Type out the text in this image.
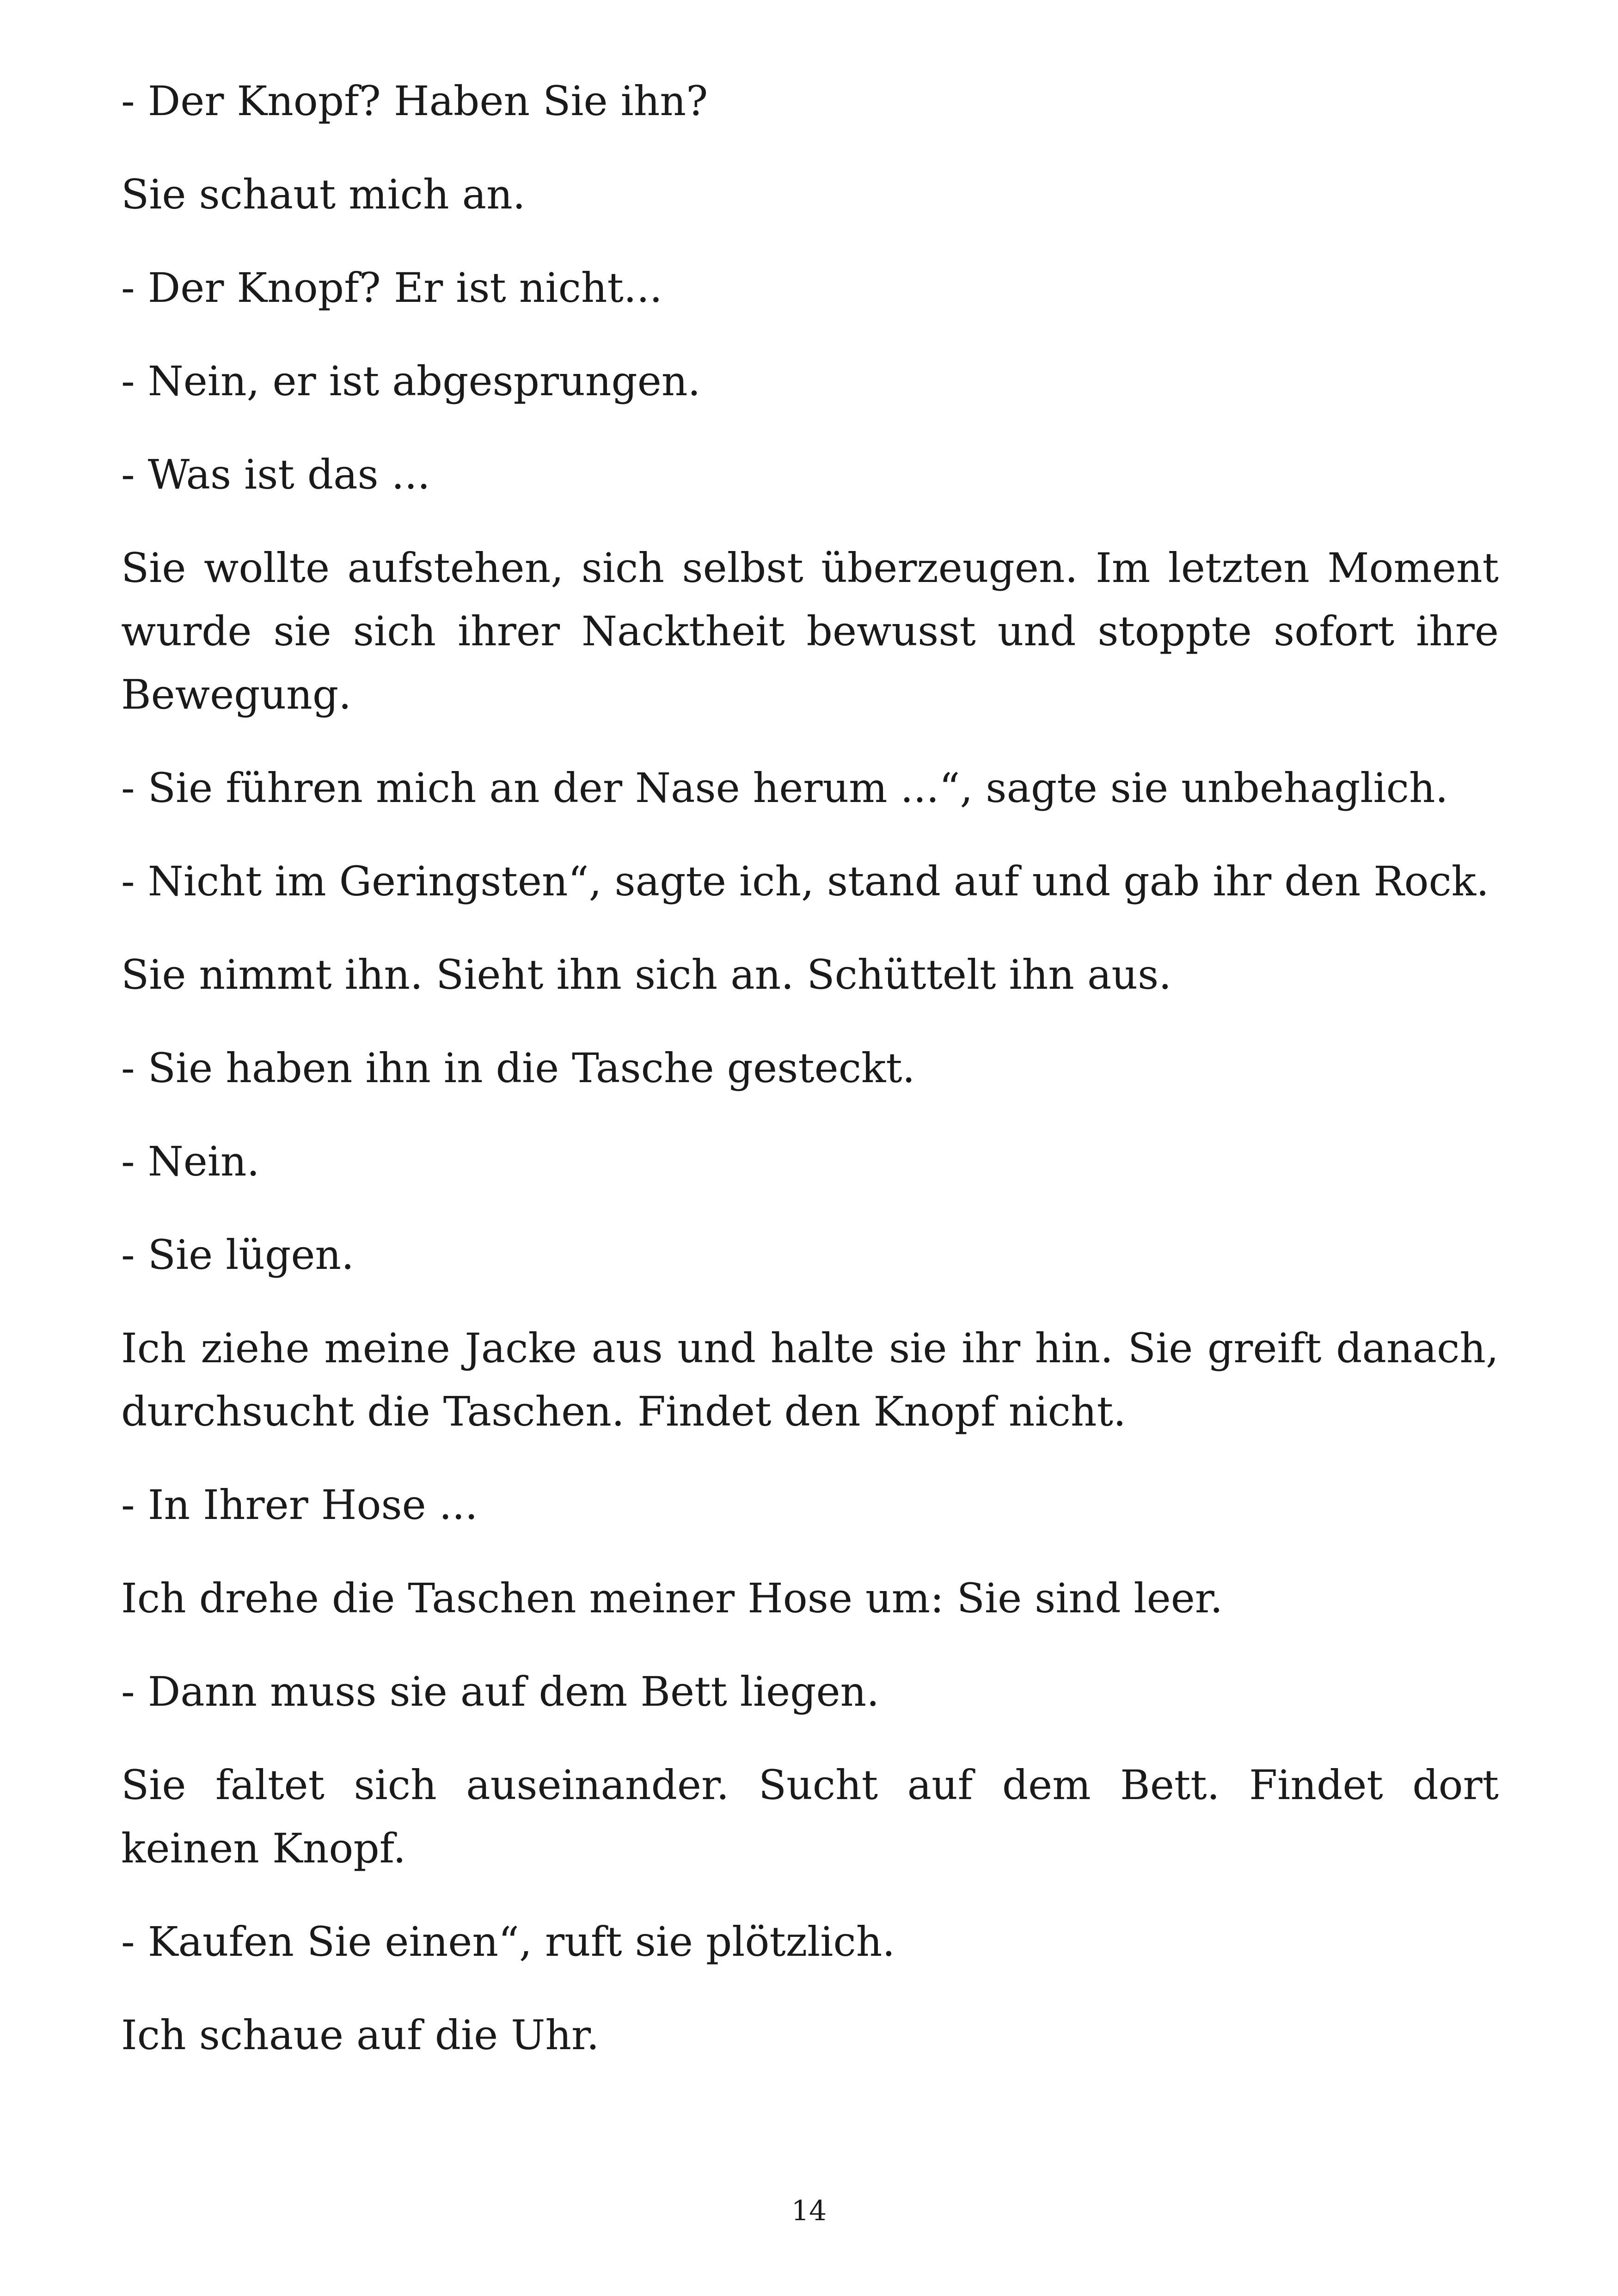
- Der Knopf? Haben Sie ihn?

Sie schaut mich an.

- Der Knopf? Er ist nicht...

- Nein, er ist abgesprungen.

- Was ist das ...

Sie wollte aufstehen, sich selbst überzeugen. Im letzten Moment wurde sie sich ihrer Nacktheit bewusst und stoppte sofort ihre Bewegung.

- Sie führen mich an der Nase herum ...“, sagte sie unbehaglich.

- Nicht im Geringsten“, sagte ich, stand auf und gab ihr den Rock.

Sie nimmt ihn. Sieht ihn sich an. Schüttelt ihn aus.

- Sie haben ihn in die Tasche gesteckt.

- Nein.

- Sie lügen.

Ich ziehe meine Jacke aus und halte sie ihr hin. Sie greift danach, durchsucht die Taschen. Findet den Knopf nicht.

- In Ihrer Hose ...

Ich drehe die Taschen meiner Hose um: Sie sind leer.

- Dann muss sie auf dem Bett liegen.

Sie faltet sich auseinander. Sucht auf dem Bett. Findet dort keinen Knopf.

- Kaufen Sie einen“, ruft sie plötzlich.

Ich schaue auf die Uhr.

14
